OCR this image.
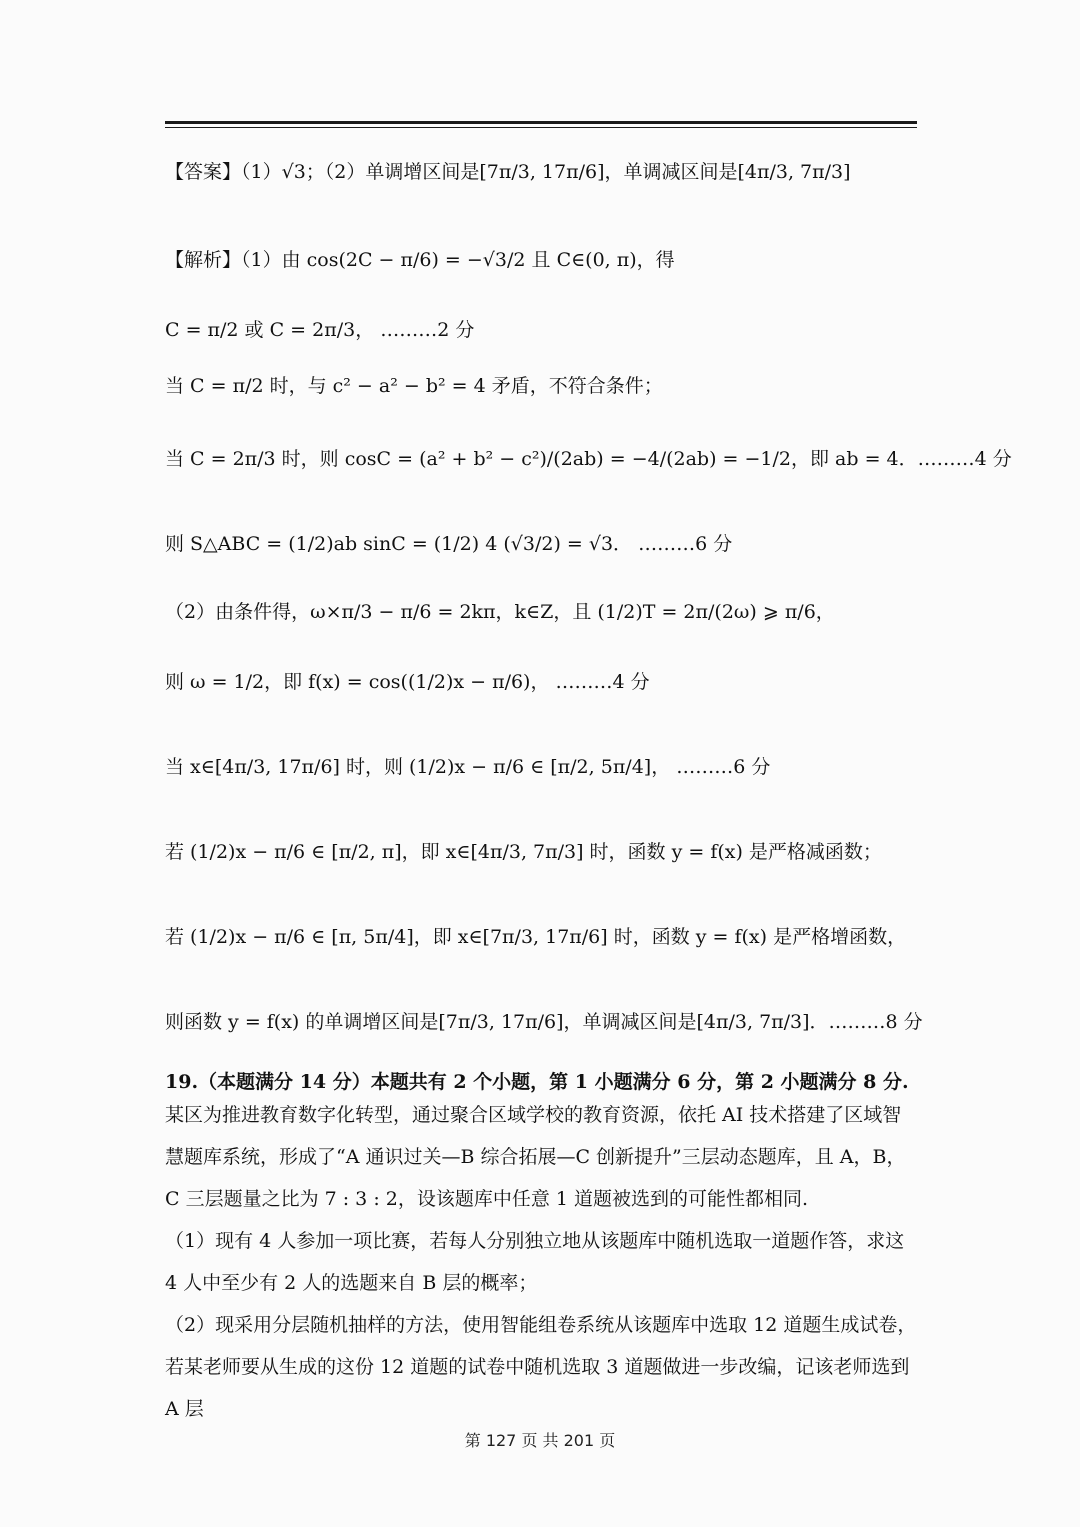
【答案】（1）√3；（2）单调增区间是[7π/3, 17π/6]，单调减区间是[4π/3, 7π/3]
【解析】（1）由 cos(2C − π/6) = −√3/2 且 C∈(0, π)，得
C = π/2 或 C = 2π/3， ………2 分
当 C = π/2 时，与 c² − a² − b² = 4 矛盾，不符合条件；
当 C = 2π/3 时，则 cosC = (a² + b² − c²)/(2ab) = −4/(2ab) = −1/2，即 ab = 4．………4 分
则 S△ABC = (1/2)ab sinC = (1/2) 4 (√3/2) = √3． ………6 分
（2）由条件得，ω×π/3 − π/6 = 2kπ，k∈Z，且 (1/2)T = 2π/(2ω) ⩾ π/6，
则 ω = 1/2，即 f(x) = cos((1/2)x − π/6)， ………4 分
当 x∈[4π/3, 17π/6] 时，则 (1/2)x − π/6 ∈ [π/2, 5π/4]， ………6 分
若 (1/2)x − π/6 ∈ [π/2, π]，即 x∈[4π/3, 7π/3] 时，函数 y = f(x) 是严格减函数；
若 (1/2)x − π/6 ∈ [π, 5π/4]，即 x∈[7π/3, 17π/6] 时，函数 y = f(x) 是严格增函数，
则函数 y = f(x) 的单调增区间是[7π/3, 17π/6]，单调减区间是[4π/3, 7π/3]．………8 分
19.（本题满分 14 分）本题共有 2 个小题，第 1 小题满分 6 分，第 2 小题满分 8 分.
某区为推进教育数字化转型，通过聚合区域学校的教育资源，依托 AI 技术搭建了区域智慧题库系统，形成了“A 通识过关—B 综合拓展—C 创新提升”三层动态题库，且 A，B，C 三层题量之比为 7 : 3 : 2，设该题库中任意 1 道题被选到的可能性都相同.
（1）现有 4 人参加一项比赛，若每人分别独立地从该题库中随机选取一道题作答，求这 4 人中至少有 2 人的选题来自 B 层的概率；
（2）现采用分层随机抽样的方法，使用智能组卷系统从该题库中选取 12 道题生成试卷，若某老师要从生成的这份 12 道题的试卷中随机选取 3 道题做进一步改编，记该老师选到 A 层
第 127 页 共 201 页
